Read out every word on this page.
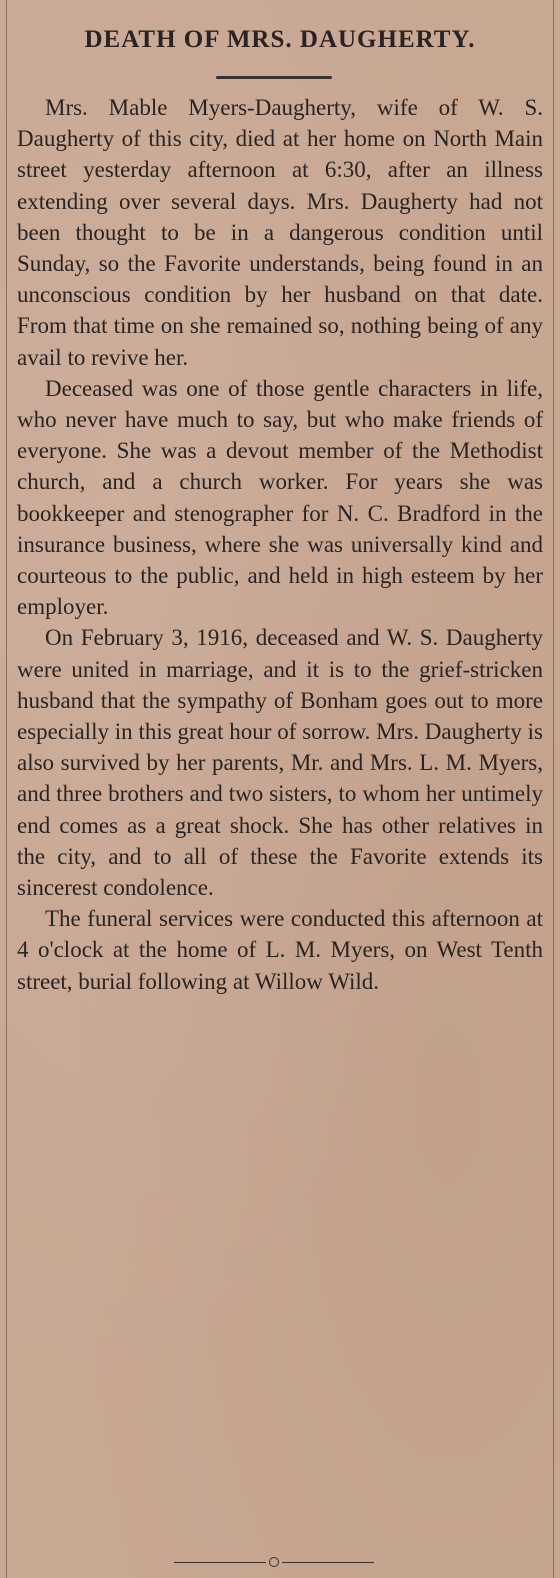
DEATH OF MRS. DAUGHERTY.

Mrs. Mable Myers-Daugherty, wife of W. S. Daugherty of this city, died at her home on North Main street yesterday afternoon at 6:30, after an illness extending over several days. Mrs. Daugherty had not been thought to be in a dangerous condition until Sunday, so the Favorite understands, being found in an unconscious condition by her husband on that date. From that time on she remained so, nothing being of any avail to revive her.

Deceased was one of those gentle characters in life, who never have much to say, but who make friends of everyone. She was a devout member of the Methodist church, and a church worker. For years she was bookkeeper and stenographer for N. C. Bradford in the insurance business, where she was universally kind and courteous to the public, and held in high esteem by her employer.

On February 3, 1916, deceased and W. S. Daugherty were united in marriage, and it is to the grief-stricken husband that the sympathy of Bonham goes out to more especially in this great hour of sorrow. Mrs. Daugherty is also survived by her parents, Mr. and Mrs. L. M. Myers, and three brothers and two sisters, to whom her untimely end comes as a great shock. She has other relatives in the city, and to all of these the Favorite extends its sincerest condolence.

The funeral services were conducted this afternoon at 4 o'clock at the home of L. M. Myers, on West Tenth street, burial following at Willow Wild.
